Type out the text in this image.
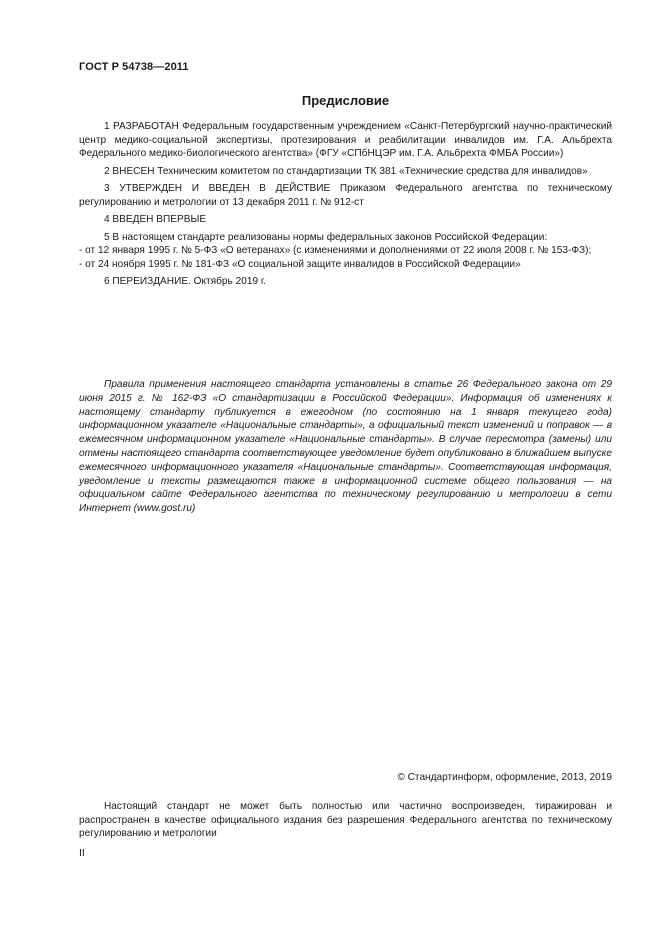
ГОСТ Р 54738—2011
Предисловие

1 РАЗРАБОТАН Федеральным государственным учреждением «Санкт-Петербургский научно-практический центр медико-социальной экспертизы, протезирования и реабилитации инвалидов им. Г.А. Альбрехта Федерального медико-биологического агентства» (ФГУ «СПбНЦЭР им. Г.А. Альбрехта ФМБА России»)

2 ВНЕСЕН Техническим комитетом по стандартизации ТК 381 «Технические средства для инвалидов»

3 УТВЕРЖДЕН И ВВЕДЕН В ДЕЙСТВИЕ Приказом Федерального агентства по техническому регулированию и метрологии от 13 декабря 2011 г. № 912-ст

4 ВВЕДЕН ВПЕРВЫЕ

5 В настоящем стандарте реализованы нормы федеральных законов Российской Федерации:

- от 12 января 1995 г. № 5-ФЗ «О ветеранах» (с изменениями и дополнениями от 22 июля 2008 г. № 153-ФЗ);

- от 24 ноября 1995 г. № 181-ФЗ «О социальной защите инвалидов в Российской Федерации»

6 ПЕРЕИЗДАНИЕ. Октябрь 2019 г.

Правила применения настоящего стандарта установлены в статье 26 Федерального закона от 29 июня 2015 г. № 162-ФЗ «О стандартизации в Российской Федерации». Информация об изменениях к настоящему стандарту публикуется в ежегодном (по состоянию на 1 января текущего года) информационном указателе «Национальные стандарты», а официальный текст изменений и поправок — в ежемесячном информационном указателе «Национальные стандарты». В случае пересмотра (замены) или отмены настоящего стандарта соответствующее уведомление будет опубликовано в ближайшем выпуске ежемесячного информационного указателя «Национальные стандарты». Соответствующая информация, уведомление и тексты размещаются также в информационной системе общего пользования — на официальном сайте Федерального агентства по техническому регулированию и метрологии в сети Интернет (www.gost.ru)

© Стандартинформ, оформление, 2013, 2019

Настоящий стандарт не может быть полностью или частично воспроизведен, тиражирован и распространен в качестве официального издания без разрешения Федерального агентства по техническому регулированию и метрологии

II
